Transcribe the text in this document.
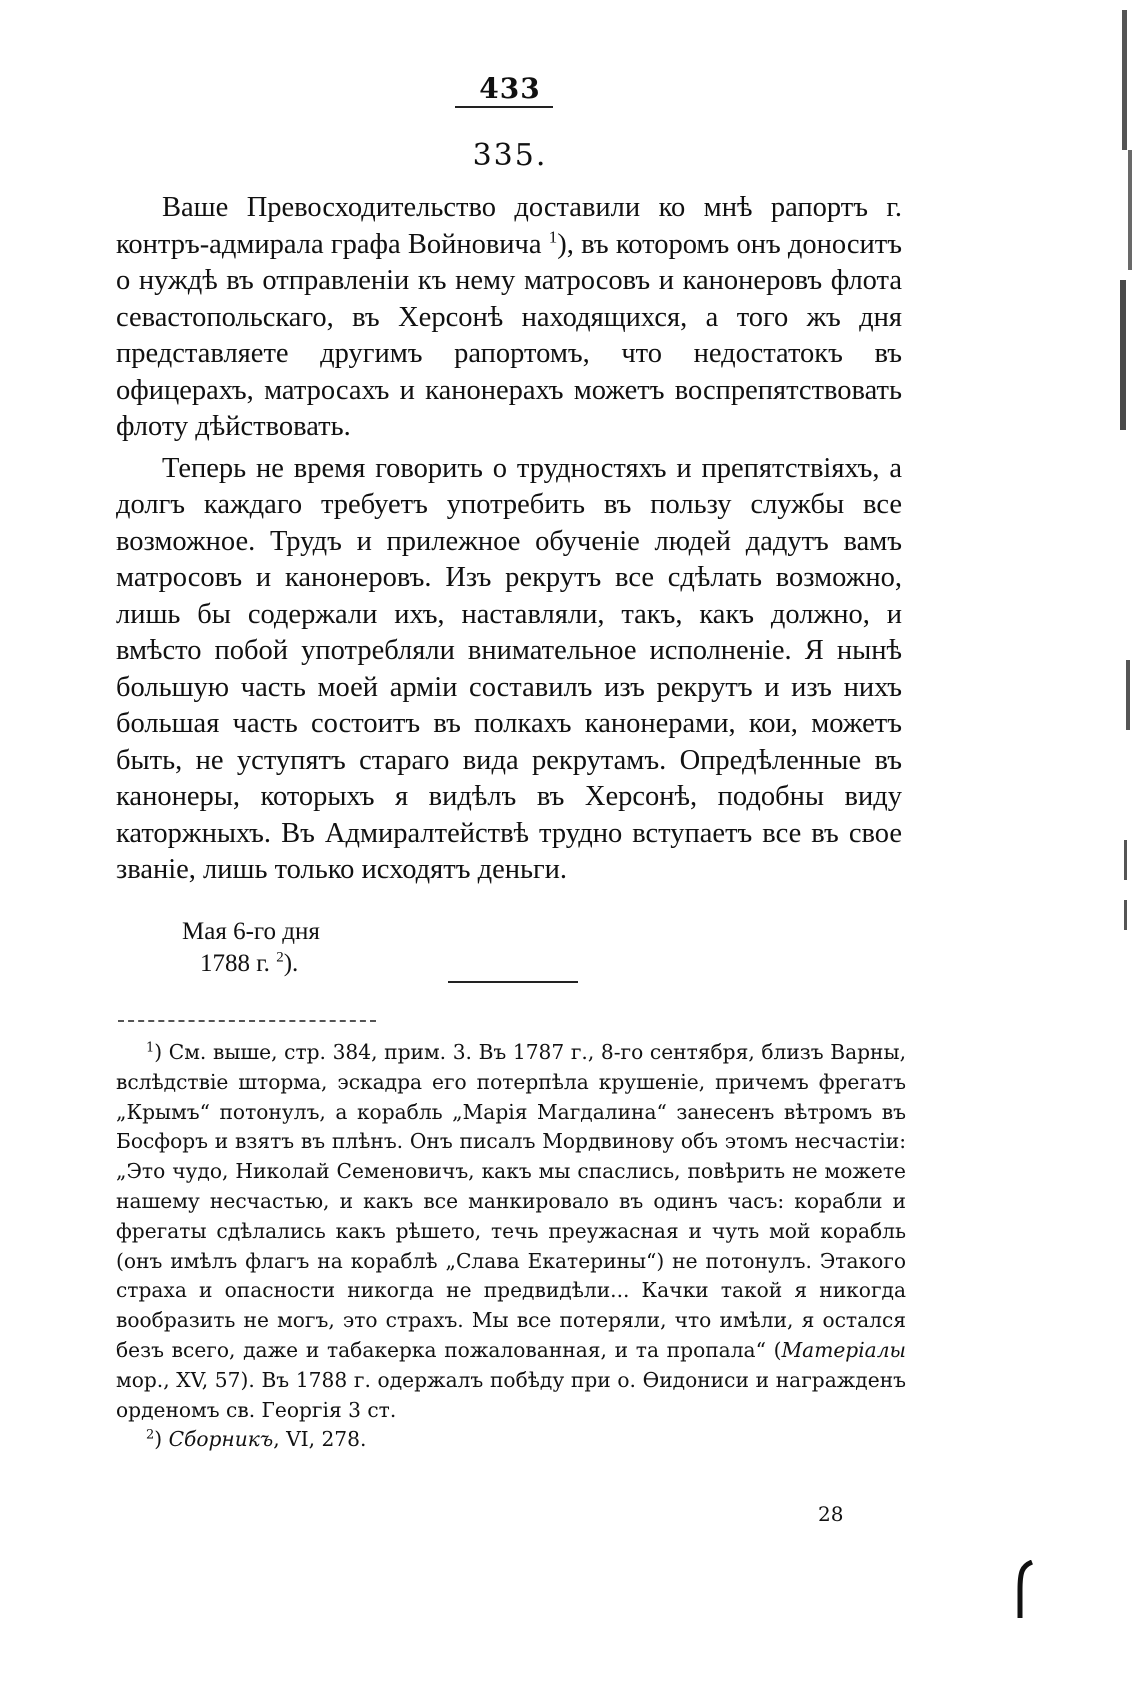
433
335.

Ваше Превосходительство доставили ко мнѣ рапортъ г. контръ-адмирала графа Войновича $^1$), въ которомъ онъ доноситъ о нуждѣ въ отправленіи къ нему матросовъ и канонеровъ флота севастопольскаго, въ Херсонѣ находящихся, а того жъ дня представляете другимъ рапортомъ, что недостатокъ въ офицерахъ, матросахъ и канонерахъ можетъ воспрепятствовать флоту дѣйствовать.

Теперь не время говорить о трудностяхъ и препятствіяхъ, а долгъ каждаго требуетъ употребить въ пользу службы все возможное. Трудъ и прилежное обученіе людей дадутъ вамъ матросовъ и канонеровъ. Изъ рекрутъ все сдѣлать возможно, лишь бы содержали ихъ, наставляли, такъ, какъ должно, и вмѣсто побой употребляли внимательное исполненіе. Я нынѣ большую часть моей арміи составилъ изъ рекрутъ и изъ нихъ большая часть состоитъ въ полкахъ канонерами, кои, можетъ быть, не уступятъ стараго вида рекрутамъ. Опредѣленные въ канонеры, которыхъ я видѣлъ въ Херсонѣ, подобны виду каторжныхъ. Въ Адмиралтействѣ трудно вступаетъ все въ свое званіе, лишь только исходятъ деньги.

Мая 6-го дня
1788 г. $^2$).

$^1$) См. выше, стр. 384, прим. 3. Въ 1787 г., 8-го сентября, близъ Варны, вслѣдствіе шторма, эскадра его потерпѣла крушеніе, причемъ фрегатъ „Крымъ“ потонулъ, а корабль „Марія Магдалина“ занесенъ вѣтромъ въ Босфоръ и взятъ въ плѣнъ. Онъ писалъ Мордвинову объ этомъ несчастіи: „Это чудо, Николай Семеновичъ, какъ мы спаслись, повѣрить не можете нашему несчастью, и какъ все манкировало въ одинъ часъ: корабли и фрегаты сдѣлались какъ рѣшето, течь преужасная и чуть мой корабль (онъ имѣлъ флагъ на кораблѣ „Слава Екатерины“) не потонулъ. Этакого страха и опасности никогда не предвидѣли... Качки такой я никогда вообразить не могъ, это страхъ. Мы все потеряли, что имѣли, я остался безъ всего, даже и табакерка пожалованная, и та пропала“ (Матеріалы мор., XV, 57). Въ 1788 г. одержалъ побѣду при о. Ѳидониси и награжденъ орденомъ св. Георгія 3 ст.

$^2$) Сборникъ, VI, 278.

28
